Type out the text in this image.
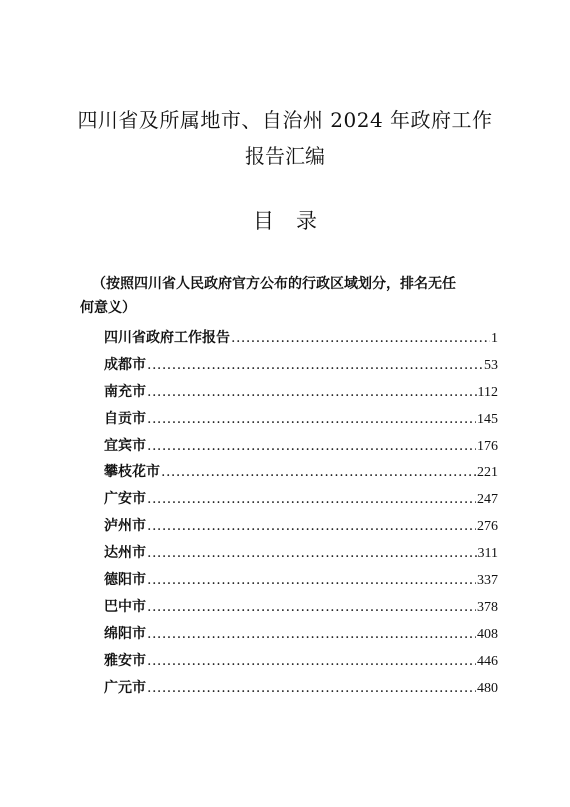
四川省及所属地市、自治州 2024 年政府工作
报告汇编
目 录
（按照四川省人民政府官方公布的行政区域划分，排名无任
何意义）
四川省政府工作报告 .....	1
成都市 .....	53
南充市 .....	112
自贡市 .....	145
宜宾市 .....	176
攀枝花市 .....	221
广安市 .....	247
泸州市 .....	276
达州市 .....	311
德阳市 .....	337
巴中市 .....	378
绵阳市 .....	408
雅安市 .....	446
广元市 .....	480
